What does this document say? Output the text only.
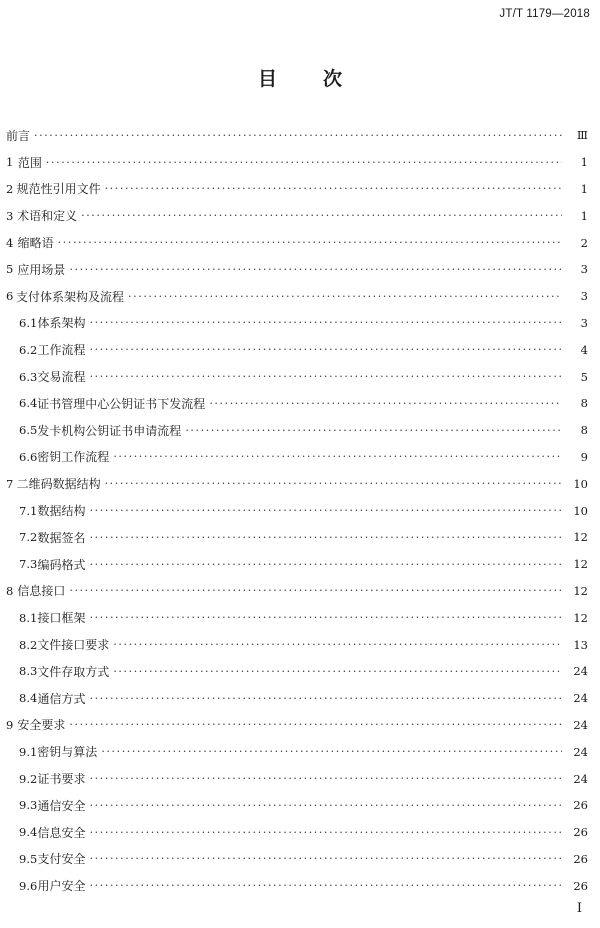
JT/T 1179—2018
目 次
前言 ·····	Ⅲ
1 范围 ·····	1
2 规范性引用文件 ·····	1
3 术语和定义 ·····	1
4 缩略语 ·····	2
5 应用场景 ·····	3
6 支付体系架构及流程 ·····	3
6.1 体系架构 ·····	3
6.2 工作流程 ·····	4
6.3 交易流程 ·····	5
6.4 证书管理中心公钥证书下发流程 ·····	8
6.5 发卡机构公钥证书申请流程 ·····	8
6.6 密钥工作流程 ·····	9
7 二维码数据结构 ·····	10
7.1 数据结构 ·····	10
7.2 数据签名 ·····	12
7.3 编码格式 ·····	12
8 信息接口 ·····	12
8.1 接口框架 ·····	12
8.2 文件接口要求 ·····	13
8.3 文件存取方式 ·····	24
8.4 通信方式 ·····	24
9 安全要求 ·····	24
9.1 密钥与算法 ·····	24
9.2 证书要求 ·····	24
9.3 通信安全 ·····	26
9.4 信息安全 ·····	26
9.5 支付安全 ·····	26
9.6 用户安全 ·····	26
Ⅰ
